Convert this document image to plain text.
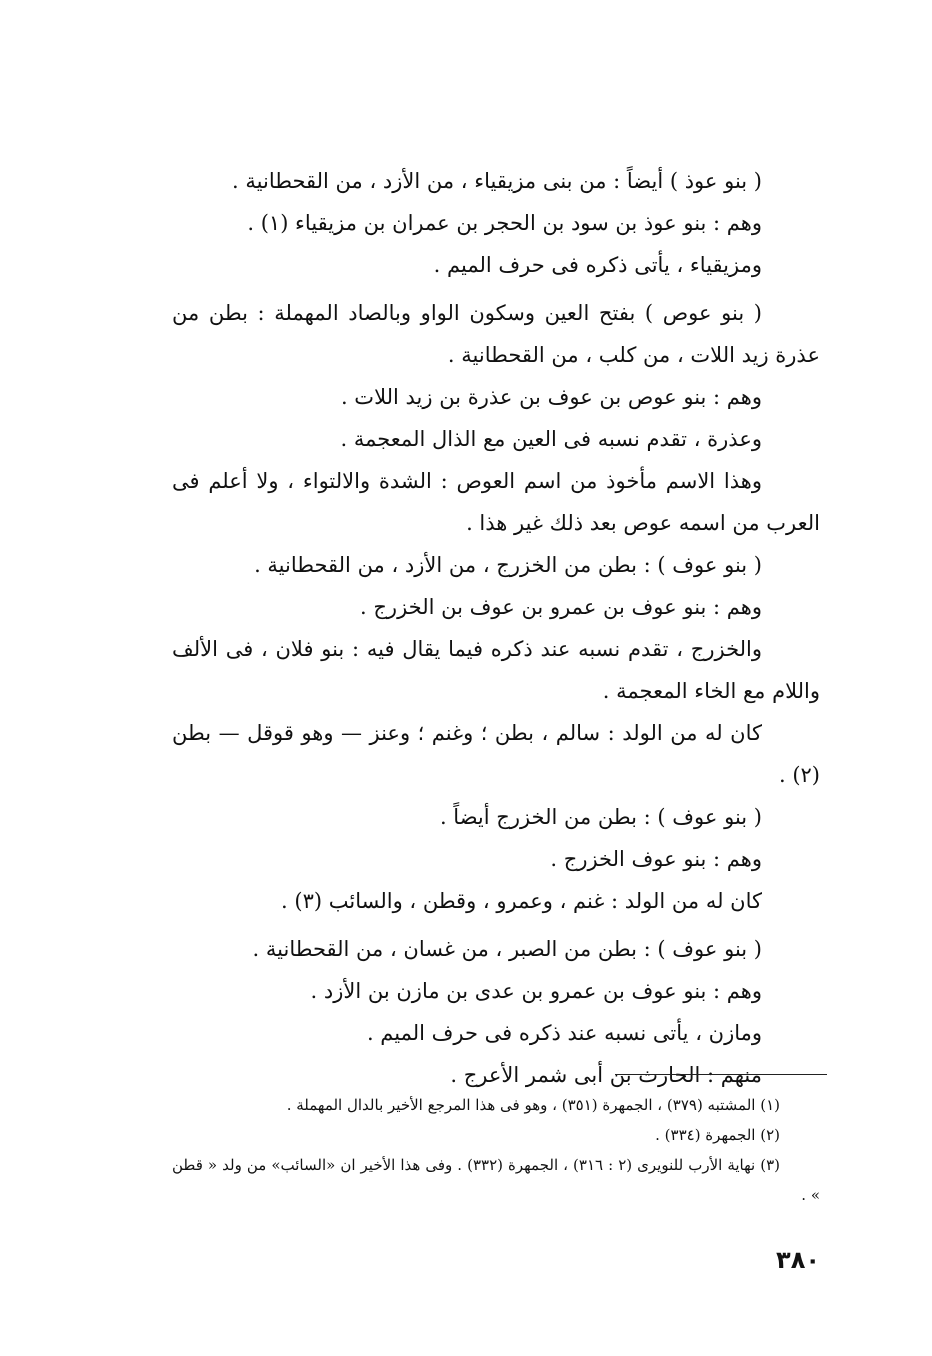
( بنو عوذ ) أيضاً : من بنى مزيقياء ، من الأزد ، من القحطانية .

وهم : بنو عوذ بن سود بن الحجر بن عمران بن مزيقياء (١) .

ومزيقياء ، يأتى ذكره فى حرف الميم .

( بنو عوص ) بفتح العين وسكون الواو وبالصاد المهملة : بطن من عذرة زيد اللات ، من كلب ، من القحطانية .

وهم : بنو عوص بن عوف بن عذرة بن زيد اللات .

وعذرة ، تقدم نسبه فى العين مع الذال المعجمة .

وهذا الاسم مأخوذ من اسم العوص : الشدة والالتواء ، ولا أعلم فى العرب من اسمه عوص بعد ذلك غير هذا .

( بنو عوف ) : بطن من الخزرج ، من الأزد ، من القحطانية .

وهم : بنو عوف بن عمرو بن عوف بن الخزرج .

والخزرج ، تقدم نسبه عند ذكره فيما يقال فيه : بنو فلان ، فى الألف واللام مع الخاء المعجمة .

كان له من الولد : سالم ، بطن ؛ وغنم ؛ وعنز — وهو قوقل — بطن (٢) .

( بنو عوف ) : بطن من الخزرج أيضاً .

وهم : بنو عوف الخزرج .

كان له من الولد : غنم ، وعمرو ، وقطن ، والسائب (٣) .

( بنو عوف ) : بطن من الصبر ، من غسان ، من القحطانية .

وهم : بنو عوف بن عمرو بن عدى بن مازن بن الأزد .

ومازن ، يأتى نسبه عند ذكره فى حرف الميم .

منهم : الحارث بن أبى شمر الأعرج .

(١) المشتبه (٣٧٩) ، الجمهرة (٣٥١) ، وهو فى هذا المرجع الأخير بالدال المهملة .

(٢) الجمهرة (٣٣٤) .

(٣) نهاية الأرب للنويرى (٢ : ٣١٦) ، الجمهرة (٣٣٢) . وفى هذا الأخير ان «السائب» من ولد « قطن » .

٣٨٠
